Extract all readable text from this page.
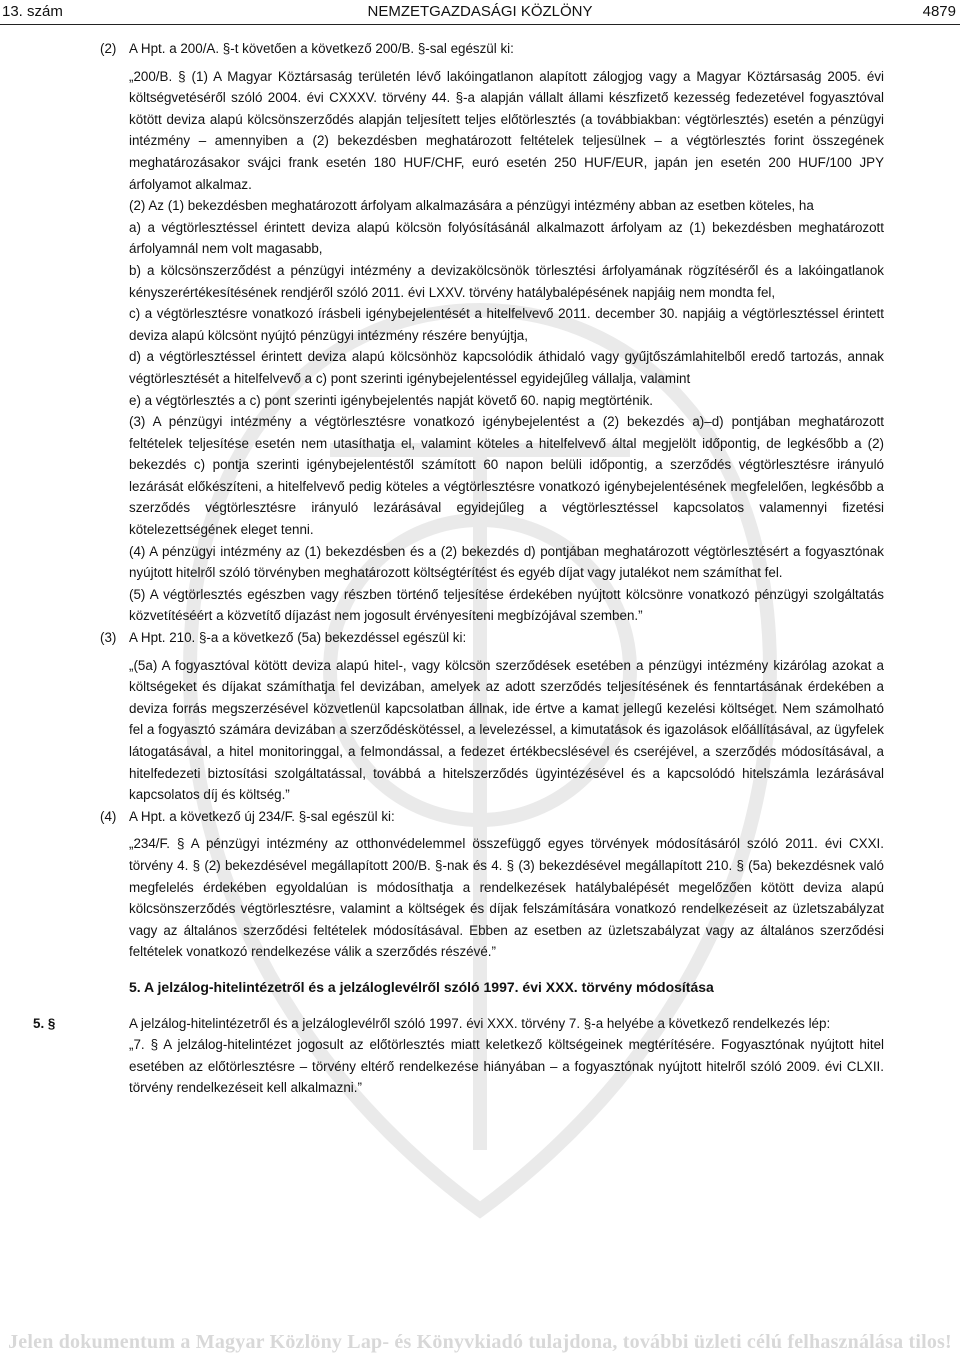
13. szám	NEMZETGAZDASÁGI KÖZLÖNY	4879
(2) A Hpt. a 200/A. §-t követően a következő 200/B. §-sal egészül ki:
„200/B. § (1) A Magyar Köztársaság területén lévő lakóingatlanon alapított zálogjog vagy a Magyar Köztársaság 2005. évi költségvetéséről szóló 2004. évi CXXXV. törvény 44. §-a alapján vállalt állami készfizető kezesség fedezetével fogyasztóval kötött deviza alapú kölcsönszerződés alapján teljesített teljes előtörlesztés (a továbbiakban: végtörlesztés) esetén a pénzügyi intézmény – amennyiben a (2) bekezdésben meghatározott feltételek teljesülnek – a végtörlesztés forint összegének meghatározásakor svájci frank esetén 180 HUF/CHF, euró esetén 250 HUF/EUR, japán jen esetén 200 HUF/100 JPY árfolyamot alkalmaz.
(2) Az (1) bekezdésben meghatározott árfolyam alkalmazására a pénzügyi intézmény abban az esetben köteles, ha
a) a végtörlesztéssel érintett deviza alapú kölcsön folyósításánál alkalmazott árfolyam az (1) bekezdésben meghatározott árfolyamnál nem volt magasabb,
b) a kölcsönszerződést a pénzügyi intézmény a devizakölcsönök törlesztési árfolyamának rögzítéséről és a lakóingatlanok kényszerértékesítésének rendjéről szóló 2011. évi LXXV. törvény hatálybalépésének napjáig nem mondta fel,
c) a végtörlesztésre vonatkozó írásbeli igénybejelentését a hitelfelvevő 2011. december 30. napjáig a végtörlesztéssel érintett deviza alapú kölcsönt nyújtó pénzügyi intézmény részére benyújtja,
d) a végtörlesztéssel érintett deviza alapú kölcsönhöz kapcsolódik áthidaló vagy gyűjtőszámlahitelből eredő tartozás, annak végtörlesztését a hitelfelvevő a c) pont szerinti igénybejelentéssel egyidejűleg vállalja, valamint
e) a végtörlesztés a c) pont szerinti igénybejelentés napját követő 60. napig megtörténik.
(3) A pénzügyi intézmény a végtörlesztésre vonatkozó igénybejelentést a (2) bekezdés a)–d) pontjában meghatározott feltételek teljesítése esetén nem utasíthatja el, valamint köteles a hitelfelvevő által megjelölt időpontig, de legkésőbb a (2) bekezdés c) pontja szerinti igénybejelentéstől számított 60 napon belüli időpontig, a szerződés végtörlesztésre irányuló lezárását előkészíteni, a hitelfelvevő pedig köteles a végtörlesztésre vonatkozó igénybejelentésének megfelelően, legkésőbb a szerződés végtörlesztésre irányuló lezárásával egyidejűleg a végtörlesztéssel kapcsolatos valamennyi fizetési kötelezettségének eleget tenni.
(4) A pénzügyi intézmény az (1) bekezdésben és a (2) bekezdés d) pontjában meghatározott végtörlesztésért a fogyasztónak nyújtott hitelről szóló törvényben meghatározott költségtérítést és egyéb díjat vagy jutalékot nem számíthat fel.
(5) A végtörlesztés egészben vagy részben történő teljesítése érdekében nyújtott kölcsönre vonatkozó pénzügyi szolgáltatás közvetítéséért a közvetítő díjazást nem jogosult érvényesíteni megbízójával szemben.”
(3) A Hpt. 210. §-a a következő (5a) bekezdéssel egészül ki:
„(5a) A fogyasztóval kötött deviza alapú hitel-, vagy kölcsön szerződések esetében a pénzügyi intézmény kizárólag azokat a költségeket és díjakat számíthatja fel devizában, amelyek az adott szerződés teljesítésének és fenntartásának érdekében a deviza forrás megszerzésével közvetlenül kapcsolatban állnak, ide értve a kamat jellegű kezelési költséget. Nem számolható fel a fogyasztó számára devizában a szerződéskötéssel, a levelezéssel, a kimutatások és igazolások előállításával, az ügyfelek látogatásával, a hitel monitoringgal, a felmondással, a fedezet értékbecslésével és cseréjével, a szerződés módosításával, a hitelfedezeti biztosítási szolgáltatással, továbbá a hitelszerződés ügyintézésével és a kapcsolódó hitelszámla lezárásával kapcsolatos díj és költség.”
(4) A Hpt. a következő új 234/F. §-sal egészül ki:
„234/F. § A pénzügyi intézmény az otthonvédelemmel összefüggő egyes törvények módosításáról szóló 2011. évi CXXI. törvény 4. § (2) bekezdésével megállapított 200/B. §-nak és 4. § (3) bekezdésével megállapított 210. § (5a) bekezdésnek való megfelelés érdekében egyoldalúan is módosíthatja a rendelkezések hatálybalépését megelőzően kötött deviza alapú kölcsönszerződés végtörlesztésre, valamint a költségek és díjak felszámítására vonatkozó rendelkezéseit az üzletszabályzat vagy az általános szerződési feltételek módosításával. Ebben az esetben az üzletszabályzat vagy az általános szerződési feltételek vonatkozó rendelkezése válik a szerződés részévé.”
5. A jelzálog-hitelintézetről és a jelzáloglevélről szóló 1997. évi XXX. törvény módosítása
5. §	A jelzálog-hitelintézetről és a jelzáloglevélről szóló 1997. évi XXX. törvény 7. §-a helyébe a következő rendelkezés lép:
„7. § A jelzálog-hitelintézet jogosult az előtörlesztés miatt keletkező költségeinek megtérítésére. Fogyasztónak nyújtott hitel esetében az előtörlesztésre – törvény eltérő rendelkezése hiányában – a fogyasztónak nyújtott hitelről szóló 2009. évi CLXII. törvény rendelkezéseit kell alkalmazni.”
Jelen dokumentum a Magyar Közlöny Lap- és Könyvkiadó tulajdona, további üzleti célú felhasználása tilos!
